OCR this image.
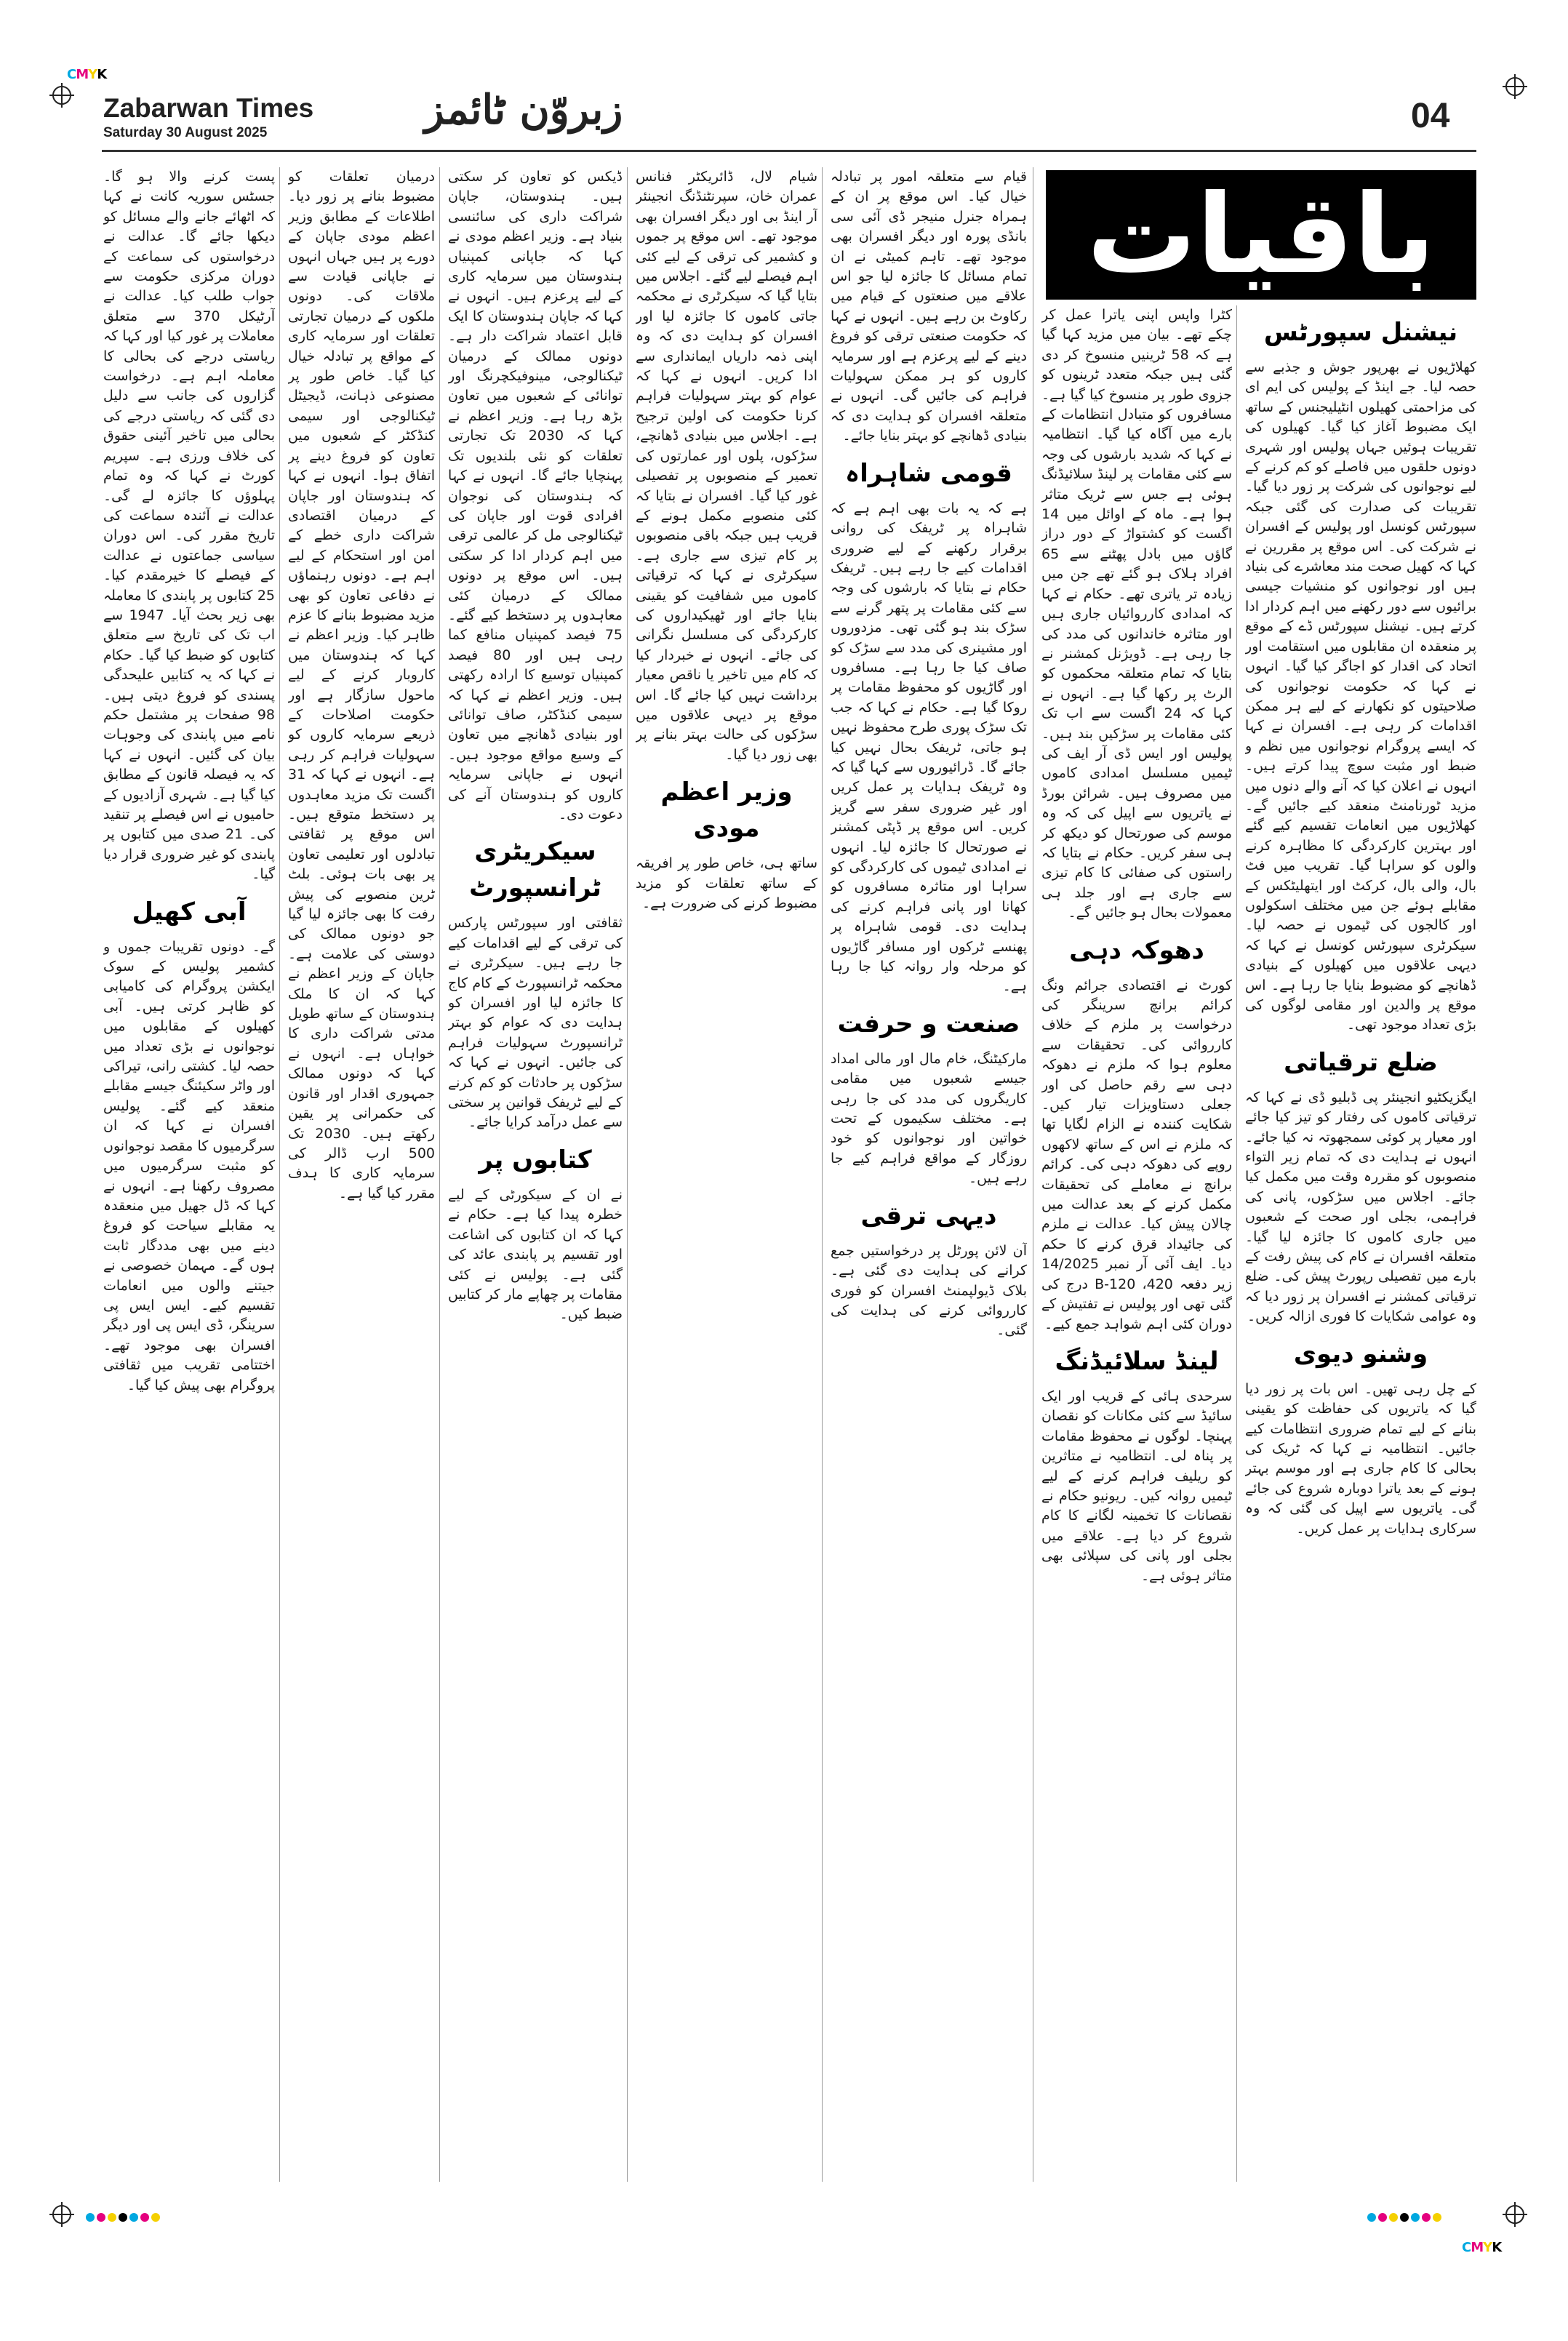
CMYK
CMYK
Zabarwan Times
Saturday 30 August 2025	زبروّن ٹائمز	04
باقیات
نیشنل سپورٹس

کھلاڑیوں نے بھرپور جوش و جذبے سے حصہ لیا۔ جے اینڈ کے پولیس کی ایم ای کی مزاحمتی کھیلوں انٹیلیجنس کے ساتھ ایک مضبوط آغاز کیا گیا۔ کھیلوں کی تقریبات ہوئیں جہاں پولیس اور شہری دونوں حلقوں میں فاصلے کو کم کرنے کے لیے نوجوانوں کی شرکت پر زور دیا گیا۔ تقریبات کی صدارت کی گئی جبکہ سپورٹس کونسل اور پولیس کے افسران نے شرکت کی۔ اس موقع پر مقررین نے کہا کہ کھیل صحت مند معاشرے کی بنیاد ہیں اور نوجوانوں کو منشیات جیسی برائیوں سے دور رکھنے میں اہم کردار ادا کرتے ہیں۔ نیشنل سپورٹس ڈے کے موقع پر منعقدہ ان مقابلوں میں استقامت اور اتحاد کی اقدار کو اجاگر کیا گیا۔ انہوں نے کہا کہ حکومت نوجوانوں کی صلاحیتوں کو نکھارنے کے لیے ہر ممکن اقدامات کر رہی ہے۔ افسران نے کہا کہ ایسے پروگرام نوجوانوں میں نظم و ضبط اور مثبت سوچ پیدا کرتے ہیں۔ انہوں نے اعلان کیا کہ آنے والے دنوں میں مزید ٹورنامنٹ منعقد کیے جائیں گے۔ کھلاڑیوں میں انعامات تقسیم کیے گئے اور بہترین کارکردگی کا مظاہرہ کرنے والوں کو سراہا گیا۔ تقریب میں فٹ بال، والی بال، کرکٹ اور ایتھلیٹکس کے مقابلے ہوئے جن میں مختلف اسکولوں اور کالجوں کی ٹیموں نے حصہ لیا۔ سیکرٹری سپورٹس کونسل نے کہا کہ دیہی علاقوں میں کھیلوں کے بنیادی ڈھانچے کو مضبوط بنایا جا رہا ہے۔ اس موقع پر والدین اور مقامی لوگوں کی بڑی تعداد موجود تھی۔

ضلع ترقیاتی

ایگزیکٹیو انجینئر پی ڈبلیو ڈی نے کہا کہ ترقیاتی کاموں کی رفتار کو تیز کیا جائے اور معیار پر کوئی سمجھوتہ نہ کیا جائے۔ انہوں نے ہدایت دی کہ تمام زیر التواء منصوبوں کو مقررہ وقت میں مکمل کیا جائے۔ اجلاس میں سڑکوں، پانی کی فراہمی، بجلی اور صحت کے شعبوں میں جاری کاموں کا جائزہ لیا گیا۔ متعلقہ افسران نے کام کی پیش رفت کے بارے میں تفصیلی رپورٹ پیش کی۔ ضلع ترقیاتی کمشنر نے افسران پر زور دیا کہ وہ عوامی شکایات کا فوری ازالہ کریں۔

وشنو دیوی

کے چل رہی تھیں۔ اس بات پر زور دیا گیا کہ یاتریوں کی حفاظت کو یقینی بنانے کے لیے تمام ضروری انتظامات کیے جائیں۔ انتظامیہ نے کہا کہ ٹریک کی بحالی کا کام جاری ہے اور موسم بہتر ہونے کے بعد یاترا دوبارہ شروع کی جائے گی۔ یاتریوں سے اپیل کی گئی کہ وہ سرکاری ہدایات پر عمل کریں۔

کٹرا واپس اپنی یاترا عمل کر چکے تھے۔ بیان میں مزید کہا گیا ہے کہ 58 ٹرینیں منسوخ کر دی گئی ہیں جبکہ متعدد ٹرینوں کو جزوی طور پر منسوخ کیا گیا ہے۔ مسافروں کو متبادل انتظامات کے بارے میں آگاہ کیا گیا۔ انتظامیہ نے کہا کہ شدید بارشوں کی وجہ سے کئی مقامات پر لینڈ سلائیڈنگ ہوئی ہے جس سے ٹریک متاثر ہوا ہے۔ ماہ کے اوائل میں 14 اگست کو کشتواڑ کے دور دراز گاؤں میں بادل پھٹنے سے 65 افراد ہلاک ہو گئے تھے جن میں زیادہ تر یاتری تھے۔ حکام نے کہا کہ امدادی کارروائیاں جاری ہیں اور متاثرہ خاندانوں کی مدد کی جا رہی ہے۔ ڈویژنل کمشنر نے بتایا کہ تمام متعلقہ محکموں کو الرٹ پر رکھا گیا ہے۔ انہوں نے کہا کہ 24 اگست سے اب تک کئی مقامات پر سڑکیں بند ہیں۔ پولیس اور ایس ڈی آر ایف کی ٹیمیں مسلسل امدادی کاموں میں مصروف ہیں۔ شرائن بورڈ نے یاتریوں سے اپیل کی کہ وہ موسم کی صورتحال کو دیکھ کر ہی سفر کریں۔ حکام نے بتایا کہ راستوں کی صفائی کا کام تیزی سے جاری ہے اور جلد ہی معمولات بحال ہو جائیں گے۔

دھوکہ دہی

کورٹ نے اقتصادی جرائم ونگ کرائم برانچ سرینگر کی درخواست پر ملزم کے خلاف کارروائی کی۔ تحقیقات سے معلوم ہوا کہ ملزم نے دھوکہ دہی سے رقم حاصل کی اور جعلی دستاویزات تیار کیں۔ شکایت کنندہ نے الزام لگایا تھا کہ ملزم نے اس کے ساتھ لاکھوں روپے کی دھوکہ دہی کی۔ کرائم برانچ نے معاملے کی تحقیقات مکمل کرنے کے بعد عدالت میں چالان پیش کیا۔ عدالت نے ملزم کی جائیداد قرق کرنے کا حکم دیا۔ ایف آئی آر نمبر 14/2025 زیر دفعہ 420، 120-B درج کی گئی تھی اور پولیس نے تفتیش کے دوران کئی اہم شواہد جمع کیے۔

لینڈ سلائیڈنگ

سرحدی ہائی کے قریب اور ایک سائیڈ سے کئی مکانات کو نقصان پہنچا۔ لوگوں نے محفوظ مقامات پر پناہ لی۔ انتظامیہ نے متاثرین کو ریلیف فراہم کرنے کے لیے ٹیمیں روانہ کیں۔ ریونیو حکام نے نقصانات کا تخمینہ لگانے کا کام شروع کر دیا ہے۔ علاقے میں بجلی اور پانی کی سپلائی بھی متاثر ہوئی ہے۔

قیام سے متعلقہ امور پر تبادلہ خیال کیا۔ اس موقع پر ان کے ہمراہ جنرل منیجر ڈی آئی سی بانڈی پورہ اور دیگر افسران بھی موجود تھے۔ تاہم کمیٹی نے ان تمام مسائل کا جائزہ لیا جو اس علاقے میں صنعتوں کے قیام میں رکاوٹ بن رہے ہیں۔ انہوں نے کہا کہ حکومت صنعتی ترقی کو فروغ دینے کے لیے پرعزم ہے اور سرمایہ کاروں کو ہر ممکن سہولیات فراہم کی جائیں گی۔ انہوں نے متعلقہ افسران کو ہدایت دی کہ بنیادی ڈھانچے کو بہتر بنایا جائے۔

قومی شاہراہ

ہے کہ یہ بات بھی اہم ہے کہ شاہراہ پر ٹریفک کی روانی برقرار رکھنے کے لیے ضروری اقدامات کیے جا رہے ہیں۔ ٹریفک حکام نے بتایا کہ بارشوں کی وجہ سے کئی مقامات پر پتھر گرنے سے سڑک بند ہو گئی تھی۔ مزدوروں اور مشینری کی مدد سے سڑک کو صاف کیا جا رہا ہے۔ مسافروں اور گاڑیوں کو محفوظ مقامات پر روکا گیا ہے۔ حکام نے کہا کہ جب تک سڑک پوری طرح محفوظ نہیں ہو جاتی، ٹریفک بحال نہیں کیا جائے گا۔ ڈرائیوروں سے کہا گیا کہ وہ ٹریفک ہدایات پر عمل کریں اور غیر ضروری سفر سے گریز کریں۔ اس موقع پر ڈپٹی کمشنر نے صورتحال کا جائزہ لیا۔ انہوں نے امدادی ٹیموں کی کارکردگی کو سراہا اور متاثرہ مسافروں کو کھانا اور پانی فراہم کرنے کی ہدایت دی۔ قومی شاہراہ پر پھنسے ٹرکوں اور مسافر گاڑیوں کو مرحلہ وار روانہ کیا جا رہا ہے۔

صنعت و حرفت

مارکیٹنگ، خام مال اور مالی امداد جیسے شعبوں میں مقامی کاریگروں کی مدد کی جا رہی ہے۔ مختلف سکیموں کے تحت خواتین اور نوجوانوں کو خود روزگار کے مواقع فراہم کیے جا رہے ہیں۔

دیہی ترقی

آن لائن پورٹل پر درخواستیں جمع کرانے کی ہدایت دی گئی ہے۔ بلاک ڈیولپمنٹ افسران کو فوری کارروائی کرنے کی ہدایت کی گئی۔

شیام لال، ڈائریکٹر فنانس عمران خان، سپرنٹنڈنگ انجینئر آر اینڈ بی اور دیگر افسران بھی موجود تھے۔ اس موقع پر جموں و کشمیر کی ترقی کے لیے کئی اہم فیصلے لیے گئے۔ اجلاس میں بتایا گیا کہ سیکرٹری نے محکمہ جاتی کاموں کا جائزہ لیا اور افسران کو ہدایت دی کہ وہ اپنی ذمہ داریاں ایمانداری سے ادا کریں۔ انہوں نے کہا کہ عوام کو بہتر سہولیات فراہم کرنا حکومت کی اولین ترجیح ہے۔ اجلاس میں بنیادی ڈھانچے، سڑکوں، پلوں اور عمارتوں کی تعمیر کے منصوبوں پر تفصیلی غور کیا گیا۔ افسران نے بتایا کہ کئی منصوبے مکمل ہونے کے قریب ہیں جبکہ باقی منصوبوں پر کام تیزی سے جاری ہے۔ سیکرٹری نے کہا کہ ترقیاتی کاموں میں شفافیت کو یقینی بنایا جائے اور ٹھیکیداروں کی کارکردگی کی مسلسل نگرانی کی جائے۔ انہوں نے خبردار کیا کہ کام میں تاخیر یا ناقص معیار برداشت نہیں کیا جائے گا۔ اس موقع پر دیہی علاقوں میں سڑکوں کی حالت بہتر بنانے پر بھی زور دیا گیا۔

وزیر اعظم مودی

ساتھ ہی، خاص طور پر افریقہ کے ساتھ تعلقات کو مزید مضبوط کرنے کی ضرورت ہے۔

ڈیکس کو تعاون کر سکتی ہیں۔ ہندوستان، جاپان شراکت داری کی سائنسی بنیاد ہے۔ وزیر اعظم مودی نے کہا کہ جاپانی کمپنیاں ہندوستان میں سرمایہ کاری کے لیے پرعزم ہیں۔ انہوں نے کہا کہ جاپان ہندوستان کا ایک قابل اعتماد شراکت دار ہے۔ دونوں ممالک کے درمیان ٹیکنالوجی، مینوفیکچرنگ اور توانائی کے شعبوں میں تعاون بڑھ رہا ہے۔ وزیر اعظم نے کہا کہ 2030 تک تجارتی تعلقات کو نئی بلندیوں تک پہنچایا جائے گا۔ انہوں نے کہا کہ ہندوستان کی نوجوان افرادی قوت اور جاپان کی ٹیکنالوجی مل کر عالمی ترقی میں اہم کردار ادا کر سکتی ہیں۔ اس موقع پر دونوں ممالک کے درمیان کئی معاہدوں پر دستخط کیے گئے۔ 75 فیصد کمپنیاں منافع کما رہی ہیں اور 80 فیصد کمپنیاں توسیع کا ارادہ رکھتی ہیں۔ وزیر اعظم نے کہا کہ سیمی کنڈکٹر، صاف توانائی اور بنیادی ڈھانچے میں تعاون کے وسیع مواقع موجود ہیں۔ انہوں نے جاپانی سرمایہ کاروں کو ہندوستان آنے کی دعوت دی۔

سیکریٹری ٹرانسپورٹ

ثقافتی اور سپورٹس پارکس کی ترقی کے لیے اقدامات کیے جا رہے ہیں۔ سیکرٹری نے محکمہ ٹرانسپورٹ کے کام کاج کا جائزہ لیا اور افسران کو ہدایت دی کہ عوام کو بہتر ٹرانسپورٹ سہولیات فراہم کی جائیں۔ انہوں نے کہا کہ سڑکوں پر حادثات کو کم کرنے کے لیے ٹریفک قوانین پر سختی سے عمل درآمد کرایا جائے۔

کتابوں پر

نے ان کے سیکورٹی کے لیے خطرہ پیدا کیا ہے۔ حکام نے کہا کہ ان کتابوں کی اشاعت اور تقسیم پر پابندی عائد کی گئی ہے۔ پولیس نے کئی مقامات پر چھاپے مار کر کتابیں ضبط کیں۔

درمیان تعلقات کو مضبوط بنانے پر زور دیا۔ اطلاعات کے مطابق وزیر اعظم مودی جاپان کے دورے پر ہیں جہاں انہوں نے جاپانی قیادت سے ملاقات کی۔ دونوں ملکوں کے درمیان تجارتی تعلقات اور سرمایہ کاری کے مواقع پر تبادلہ خیال کیا گیا۔ خاص طور پر مصنوعی ذہانت، ڈیجیٹل ٹیکنالوجی اور سیمی کنڈکٹر کے شعبوں میں تعاون کو فروغ دینے پر اتفاق ہوا۔ انہوں نے کہا کہ ہندوستان اور جاپان کے درمیان اقتصادی شراکت داری خطے کے امن اور استحکام کے لیے اہم ہے۔ دونوں رہنماؤں نے دفاعی تعاون کو بھی مزید مضبوط بنانے کا عزم ظاہر کیا۔ وزیر اعظم نے کہا کہ ہندوستان میں کاروبار کرنے کے لیے ماحول سازگار ہے اور حکومت اصلاحات کے ذریعے سرمایہ کاروں کو سہولیات فراہم کر رہی ہے۔ انہوں نے کہا کہ 31 اگست تک مزید معاہدوں پر دستخط متوقع ہیں۔ اس موقع پر ثقافتی تبادلوں اور تعلیمی تعاون پر بھی بات ہوئی۔ بلٹ ٹرین منصوبے کی پیش رفت کا بھی جائزہ لیا گیا جو دونوں ممالک کی دوستی کی علامت ہے۔ جاپان کے وزیر اعظم نے کہا کہ ان کا ملک ہندوستان کے ساتھ طویل مدتی شراکت داری کا خواہاں ہے۔ انہوں نے کہا کہ دونوں ممالک جمہوری اقدار اور قانون کی حکمرانی پر یقین رکھتے ہیں۔ 2030 تک 500 ارب ڈالر کی سرمایہ کاری کا ہدف مقرر کیا گیا ہے۔

پست کرنے والا ہو گا۔ جسٹس سوریہ کانت نے کہا کہ اٹھائے جانے والے مسائل کو دیکھا جائے گا۔ عدالت نے درخواستوں کی سماعت کے دوران مرکزی حکومت سے جواب طلب کیا۔ عدالت نے آرٹیکل 370 سے متعلق معاملات پر غور کیا اور کہا کہ ریاستی درجے کی بحالی کا معاملہ اہم ہے۔ درخواست گزاروں کی جانب سے دلیل دی گئی کہ ریاستی درجے کی بحالی میں تاخیر آئینی حقوق کی خلاف ورزی ہے۔ سپریم کورٹ نے کہا کہ وہ تمام پہلوؤں کا جائزہ لے گی۔ عدالت نے آئندہ سماعت کی تاریخ مقرر کی۔ اس دوران سیاسی جماعتوں نے عدالت کے فیصلے کا خیرمقدم کیا۔ 25 کتابوں پر پابندی کا معاملہ بھی زیر بحث آیا۔ 1947 سے اب تک کی تاریخ سے متعلق کتابوں کو ضبط کیا گیا۔ حکام نے کہا کہ یہ کتابیں علیحدگی پسندی کو فروغ دیتی ہیں۔ 98 صفحات پر مشتمل حکم نامے میں پابندی کی وجوہات بیان کی گئیں۔ انہوں نے کہا کہ یہ فیصلہ قانون کے مطابق کیا گیا ہے۔ شہری آزادیوں کے حامیوں نے اس فیصلے پر تنقید کی۔ 21 صدی میں کتابوں پر پابندی کو غیر ضروری قرار دیا گیا۔

آبی کھیل

گے۔ دونوں تقریبات جموں و کشمیر پولیس کے سوک ایکشن پروگرام کی کامیابی کو ظاہر کرتی ہیں۔ آبی کھیلوں کے مقابلوں میں نوجوانوں نے بڑی تعداد میں حصہ لیا۔ کشتی رانی، تیراکی اور واٹر سکیئنگ جیسے مقابلے منعقد کیے گئے۔ پولیس افسران نے کہا کہ ان سرگرمیوں کا مقصد نوجوانوں کو مثبت سرگرمیوں میں مصروف رکھنا ہے۔ انہوں نے کہا کہ ڈل جھیل میں منعقدہ یہ مقابلے سیاحت کو فروغ دینے میں بھی مددگار ثابت ہوں گے۔ مہمان خصوصی نے جیتنے والوں میں انعامات تقسیم کیے۔ ایس ایس پی سرینگر، ڈی ایس پی اور دیگر افسران بھی موجود تھے۔ اختتامی تقریب میں ثقافتی پروگرام بھی پیش کیا گیا۔
